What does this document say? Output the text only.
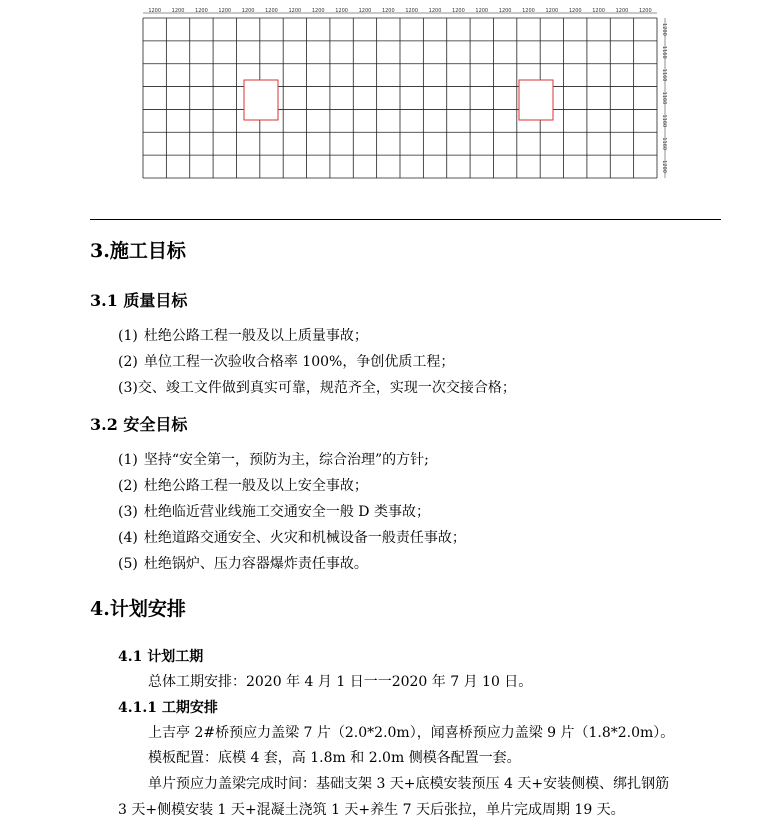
1200 1200 1200 1200 1200 1200 1200 1200 1200 1200 1200 1200 1200 1200 1200 1200 1200 1200 1200 1200 1200 1200
1200
1160
1160
1160
1160
1160
1200
3.施工目标
3.1 质量目标
(1) 杜绝公路工程一般及以上质量事故；
(2) 单位工程一次验收合格率 100%，争创优质工程；
(3)交、竣工文件做到真实可靠，规范齐全，实现一次交接合格；
3.2 安全目标
(1) 坚持“安全第一，预防为主，综合治理”的方针;
(2) 杜绝公路工程一般及以上安全事故；
(3) 杜绝临近营业线施工交通安全一般 D 类事故；
(4) 杜绝道路交通安全、火灾和机械设备一般责任事故；
(5) 杜绝锅炉、压力容器爆炸责任事故。
4.计划安排
4.1 计划工期
总体工期安排：2020 年 4 月 1 日一一2020 年 7 月 10 日。
4.1.1 工期安排
上吉亭 2#桥预应力盖梁 7 片（2.0*2.0m），闻喜桥预应力盖梁 9 片（1.8*2.0m）。
模板配置：底模 4 套，高 1.8m 和 2.0m 侧模各配置一套。
单片预应力盖梁完成时间：基础支架 3 天+底模安装预压 4 天+安装侧模、绑扎钢筋
3 天+侧模安装 1 天+混凝土浇筑 1 天+养生 7 天后张拉，单片完成周期 19 天。
